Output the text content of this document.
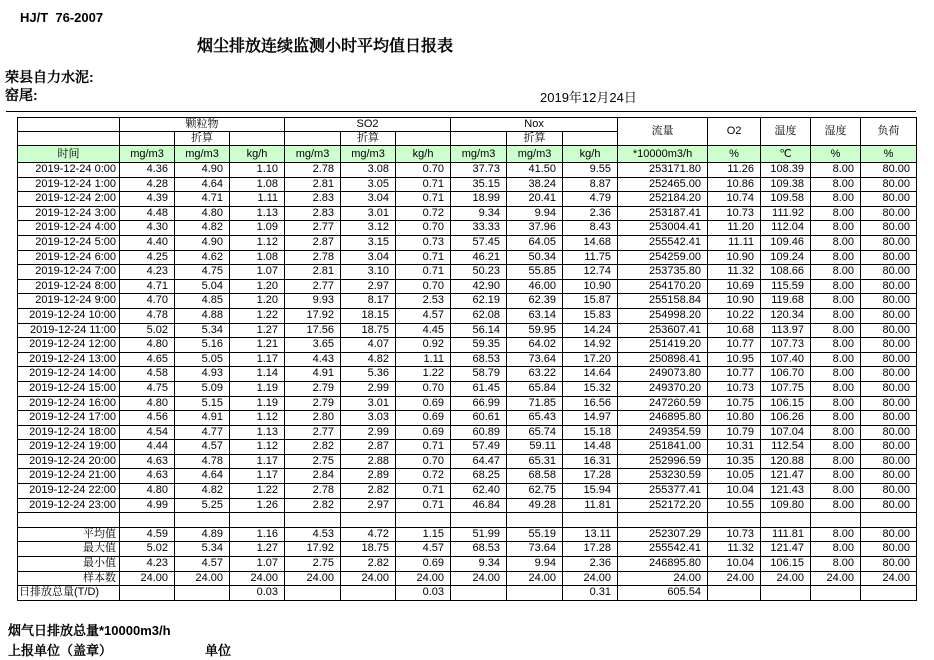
HJ/T  76-2007
烟尘排放连续监测小时平均值日报表
荣县自力水泥:
窑尾:	2019年12月24日
	颗粒物			SO2			Nox			流量	O2	温度	湿度	负荷
		折算			折算			折算						
时间	mg/m3	mg/m3	kg/h	mg/m3	mg/m3	kg/h	mg/m3	mg/m3	kg/h	*10000m3/h	%	℃	%	%
2019-12-24 0:00	4.36	4.90	1.10	2.78	3.08	0.70	37.73	41.50	9.55	253171.80	11.26	108.39	8.00	80.00
2019-12-24 1:00	4.28	4.64	1.08	2.81	3.05	0.71	35.15	38.24	8.87	252465.00	10.86	109.38	8.00	80.00
2019-12-24 2:00	4.39	4.71	1.11	2.83	3.04	0.71	18.99	20.41	4.79	252184.20	10.74	109.58	8.00	80.00
2019-12-24 3:00	4.48	4.80	1.13	2.83	3.01	0.72	9.34	9.94	2.36	253187.41	10.73	111.92	8.00	80.00
2019-12-24 4:00	4.30	4.82	1.09	2.77	3.12	0.70	33.33	37.96	8.43	253004.41	11.20	112.04	8.00	80.00
2019-12-24 5:00	4.40	4.90	1.12	2.87	3.15	0.73	57.45	64.05	14.68	255542.41	11.11	109.46	8.00	80.00
2019-12-24 6:00	4.25	4.62	1.08	2.78	3.04	0.71	46.21	50.34	11.75	254259.00	10.90	109.24	8.00	80.00
2019-12-24 7:00	4.23	4.75	1.07	2.81	3.10	0.71	50.23	55.85	12.74	253735.80	11.32	108.66	8.00	80.00
2019-12-24 8:00	4.71	5.04	1.20	2.77	2.97	0.70	42.90	46.00	10.90	254170.20	10.69	115.59	8.00	80.00
2019-12-24 9:00	4.70	4.85	1.20	9.93	8.17	2.53	62.19	62.39	15.87	255158.84	10.90	119.68	8.00	80.00
2019-12-24 10:00	4.78	4.88	1.22	17.92	18.15	4.57	62.08	63.14	15.83	254998.20	10.22	120.34	8.00	80.00
2019-12-24 11:00	5.02	5.34	1.27	17.56	18.75	4.45	56.14	59.95	14.24	253607.41	10.68	113.97	8.00	80.00
2019-12-24 12:00	4.80	5.16	1.21	3.65	4.07	0.92	59.35	64.02	14.92	251419.20	10.77	107.73	8.00	80.00
2019-12-24 13:00	4.65	5.05	1.17	4.43	4.82	1.11	68.53	73.64	17.20	250898.41	10.95	107.40	8.00	80.00
2019-12-24 14:00	4.58	4.93	1.14	4.91	5.36	1.22	58.79	63.22	14.64	249073.80	10.77	106.70	8.00	80.00
2019-12-24 15:00	4.75	5.09	1.19	2.79	2.99	0.70	61.45	65.84	15.32	249370.20	10.73	107.75	8.00	80.00
2019-12-24 16:00	4.80	5.15	1.19	2.79	3.01	0.69	66.99	71.85	16.56	247260.59	10.75	106.15	8.00	80.00
2019-12-24 17:00	4.56	4.91	1.12	2.80	3.03	0.69	60.61	65.43	14.97	246895.80	10.80	106.26	8.00	80.00
2019-12-24 18:00	4.54	4.77	1.13	2.77	2.99	0.69	60.89	65.74	15.18	249354.59	10.79	107.04	8.00	80.00
2019-12-24 19:00	4.44	4.57	1.12	2.82	2.87	0.71	57.49	59.11	14.48	251841.00	10.31	112.54	8.00	80.00
2019-12-24 20:00	4.63	4.78	1.17	2.75	2.88	0.70	64.47	65.31	16.31	252996.59	10.35	120.88	8.00	80.00
2019-12-24 21:00	4.63	4.64	1.17	2.84	2.89	0.72	68.25	68.58	17.28	253230.59	10.05	121.47	8.00	80.00
2019-12-24 22:00	4.80	4.82	1.22	2.78	2.82	0.71	62.40	62.75	15.94	255377.41	10.04	121.43	8.00	80.00
2019-12-24 23:00	4.99	5.25	1.26	2.82	2.97	0.71	46.84	49.28	11.81	252172.20	10.55	109.80	8.00	80.00

平均值	4.59	4.89	1.16	4.53	4.72	1.15	51.99	55.19	13.11	252307.29	10.73	111.81	8.00	80.00
最大值	5.02	5.34	1.27	17.92	18.75	4.57	68.53	73.64	17.28	255542.41	11.32	121.47	8.00	80.00
最小值	4.23	4.57	1.07	2.75	2.82	0.69	9.34	9.94	2.36	246895.80	10.04	106.15	8.00	80.00
样本数	24.00	24.00	24.00	24.00	24.00	24.00	24.00	24.00	24.00	24.00	24.00	24.00	24.00	24.00
日排放总量(T/D)			0.03			0.03			0.31	605.54				
烟气日排放总量*10000m3/h
上报单位（盖章）	单位
